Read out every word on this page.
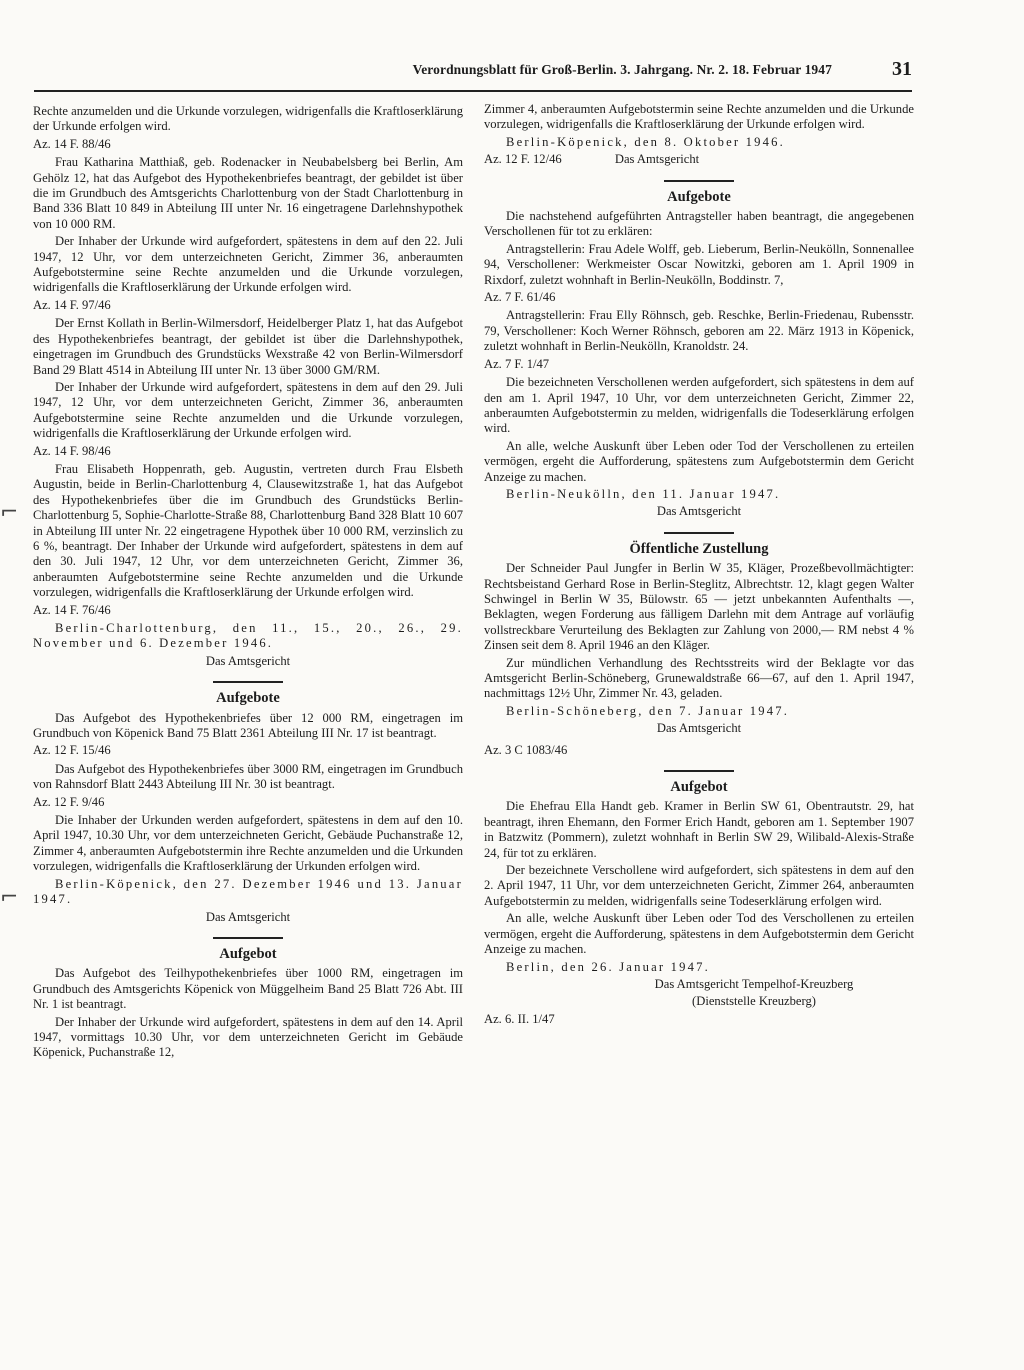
Verordnungsblatt für Groß-Berlin. 3. Jahrgang. Nr. 2. 18. Februar 1947	31
⌐
⌐

Rechte anzumelden und die Urkunde vorzulegen, widrigenfalls die Kraftloserklärung der Urkunde erfolgen wird.

Az. 14 F. 88/46

Frau Katharina Matthiaß, geb. Rodenacker in Neubabelsberg bei Berlin, Am Gehölz 12, hat das Aufgebot des Hypothekenbriefes beantragt, der gebildet ist über die im Grundbuch des Amtsgerichts Charlottenburg von der Stadt Charlottenburg in Band 336 Blatt 10 849 in Abteilung III unter Nr. 16 eingetragene Darlehnshypothek von 10 000 RM.

Der Inhaber der Urkunde wird aufgefordert, spätestens in dem auf den 22. Juli 1947, 12 Uhr, vor dem unterzeichneten Gericht, Zimmer 36, anberaumten Aufgebotstermine seine Rechte anzumelden und die Urkunde vorzulegen, widrigenfalls die Kraftloserklärung der Urkunde erfolgen wird.

Az. 14 F. 97/46

Der Ernst Kollath in Berlin-Wilmersdorf, Heidelberger Platz 1, hat das Aufgebot des Hypothekenbriefes beantragt, der gebildet ist über die Darlehnshypothek, eingetragen im Grundbuch des Grundstücks Wexstraße 42 von Berlin-Wilmersdorf Band 29 Blatt 4514 in Abteilung III unter Nr. 13 über 3000 GM/RM.

Der Inhaber der Urkunde wird aufgefordert, spätestens in dem auf den 29. Juli 1947, 12 Uhr, vor dem unterzeichneten Gericht, Zimmer 36, anberaumten Aufgebotstermine seine Rechte anzumelden und die Urkunde vorzulegen, widrigenfalls die Kraftloserklärung der Urkunde erfolgen wird.

Az. 14 F. 98/46

Frau Elisabeth Hoppenrath, geb. Augustin, vertreten durch Frau Elsbeth Augustin, beide in Berlin-Charlottenburg 4, Clausewitzstraße 1, hat das Aufgebot des Hypothekenbriefes über die im Grundbuch des Grundstücks Berlin-Charlottenburg 5, Sophie-Charlotte-Straße 88, Charlottenburg Band 328 Blatt 10 607 in Abteilung III unter Nr. 22 eingetragene Hypothek über 10 000 RM, verzinslich zu 6 %, beantragt. Der Inhaber der Urkunde wird aufgefordert, spätestens in dem auf den 30. Juli 1947, 12 Uhr, vor dem unterzeichneten Gericht, Zimmer 36, anberaumten Aufgebotstermine seine Rechte anzumelden und die Urkunde vorzulegen, widrigenfalls die Kraftloserklärung der Urkunde erfolgen wird.

Az. 14 F. 76/46

Berlin-Charlottenburg, den 11., 15., 20., 26., 29. November und 6. Dezember 1946.

Das Amtsgericht
Aufgebote

Das Aufgebot des Hypothekenbriefes über 12 000 RM, eingetragen im Grundbuch von Köpenick Band 75 Blatt 2361 Abteilung III Nr. 17 ist beantragt.

Az. 12 F. 15/46

Das Aufgebot des Hypothekenbriefes über 3000 RM, eingetragen im Grundbuch von Rahnsdorf Blatt 2443 Abteilung III Nr. 30 ist beantragt.

Az. 12 F. 9/46

Die Inhaber der Urkunden werden aufgefordert, spätestens in dem auf den 10. April 1947, 10.30 Uhr, vor dem unterzeichneten Gericht, Gebäude Puchanstraße 12, Zimmer 4, anberaumten Aufgebotstermin ihre Rechte anzumelden und die Urkunden vorzulegen, widrigenfalls die Kraftloserklärung der Urkunden erfolgen wird.

Berlin-Köpenick, den 27. Dezember 1946 und 13. Januar 1947.

Das Amtsgericht
Aufgebot

Das Aufgebot des Teilhypothekenbriefes über 1000 RM, eingetragen im Grundbuch des Amtsgerichts Köpenick von Müggelheim Band 25 Blatt 726 Abt. III Nr. 1 ist beantragt.

Der Inhaber der Urkunde wird aufgefordert, spätestens in dem auf den 14. April 1947, vormittags 10.30 Uhr, vor dem unterzeichneten Gericht im Gebäude Köpenick, Puchanstraße 12,

Zimmer 4, anberaumten Aufgebotstermin seine Rechte anzumelden und die Urkunde vorzulegen, widrigenfalls die Kraftloserklärung der Urkunde erfolgen wird.

Berlin-Köpenick, den 8. Oktober 1946.

Az. 12 F. 12/46	Das Amtsgericht
Aufgebote

Die nachstehend aufgeführten Antragsteller haben beantragt, die angegebenen Verschollenen für tot zu erklären:

Antragstellerin: Frau Adele Wolff, geb. Lieberum, Berlin-Neukölln, Sonnenallee 94, Verschollener: Werkmeister Oscar Nowitzki, geboren am 1. April 1909 in Rixdorf, zuletzt wohnhaft in Berlin-Neukölln, Boddinstr. 7,

Az. 7 F. 61/46

Antragstellerin: Frau Elly Röhnsch, geb. Reschke, Berlin-Friedenau, Rubensstr. 79, Verschollener: Koch Werner Röhnsch, geboren am 22. März 1913 in Köpenick, zuletzt wohnhaft in Berlin-Neukölln, Kranoldstr. 24.

Az. 7 F. 1/47

Die bezeichneten Verschollenen werden aufgefordert, sich spätestens in dem auf den am 1. April 1947, 10 Uhr, vor dem unterzeichneten Gericht, Zimmer 22, anberaumten Aufgebotstermin zu melden, widrigenfalls die Todeserklärung erfolgen wird.

An alle, welche Auskunft über Leben oder Tod der Verschollenen zu erteilen vermögen, ergeht die Aufforderung, spätestens zum Aufgebotstermin dem Gericht Anzeige zu machen.

Berlin-Neukölln, den 11. Januar 1947.

Das Amtsgericht
Öffentliche Zustellung

Der Schneider Paul Jungfer in Berlin W 35, Kläger, Prozeßbevollmächtigter: Rechtsbeistand Gerhard Rose in Berlin-Steglitz, Albrechtstr. 12, klagt gegen Walter Schwingel in Berlin W 35, Bülowstr. 65 — jetzt unbekannten Aufenthalts —, Beklagten, wegen Forderung aus fälligem Darlehn mit dem Antrage auf vorläufig vollstreckbare Verurteilung des Beklagten zur Zahlung von 2000,— RM nebst 4 % Zinsen seit dem 8. April 1946 an den Kläger.

Zur mündlichen Verhandlung des Rechtsstreits wird der Beklagte vor das Amtsgericht Berlin-Schöneberg, Grunewaldstraße 66—67, auf den 1. April 1947, nachmittags 12½ Uhr, Zimmer Nr. 43, geladen.

Berlin-Schöneberg, den 7. Januar 1947.

Das Amtsgericht
Az. 3 C 1083/46
Aufgebot

Die Ehefrau Ella Handt geb. Kramer in Berlin SW 61, Obentrautstr. 29, hat beantragt, ihren Ehemann, den Former Erich Handt, geboren am 1. September 1907 in Batzwitz (Pommern), zuletzt wohnhaft in Berlin SW 29, Wilibald-Alexis-Straße 24, für tot zu erklären.

Der bezeichnete Verschollene wird aufgefordert, sich spätestens in dem auf den 2. April 1947, 11 Uhr, vor dem unterzeichneten Gericht, Zimmer 264, anberaumten Aufgebotstermin zu melden, widrigenfalls seine Todeserklärung erfolgen wird.

An alle, welche Auskunft über Leben oder Tod des Verschollenen zu erteilen vermögen, ergeht die Aufforderung, spätestens in dem Aufgebotstermin dem Gericht Anzeige zu machen.

Berlin, den 26. Januar 1947.

Das Amtsgericht Tempelhof-Kreuzberg
(Dienststelle Kreuzberg)
Az. 6. II. 1/47
